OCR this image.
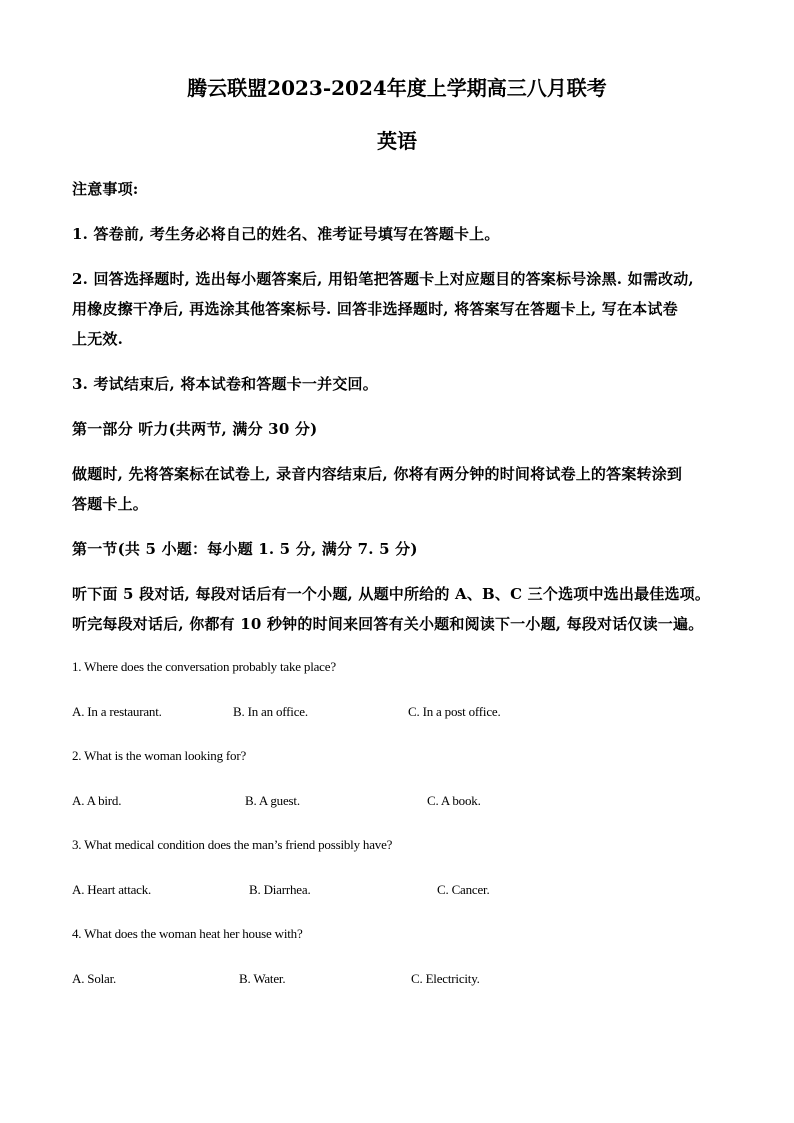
腾云联盟2023-2024年度上学期高三八月联考
英语
注意事项:
1. 答卷前, 考生务必将自己的姓名、准考证号填写在答题卡上。
2. 回答选择题时, 选出每小题答案后, 用铅笔把答题卡上对应题目的答案标号涂黑. 如需改动,
用橡皮擦干净后, 再选涂其他答案标号. 回答非选择题时, 将答案写在答题卡上, 写在本试卷
上无效.
3. 考试结束后, 将本试卷和答题卡一并交回。
第一部分 听力(共两节, 满分 30 分)
做题时, 先将答案标在试卷上, 录音内容结束后, 你将有两分钟的时间将试卷上的答案转涂到
答题卡上。
第一节(共 5 小题：每小题 1. 5 分, 满分 7. 5 分)
听下面 5 段对话, 每段对话后有一个小题, 从题中所给的 A、B、C 三个选项中选出最佳选项。
听完每段对话后, 你都有 10 秒钟的时间来回答有关小题和阅读下一小题, 每段对话仅读一遍。
1. Where does the conversation probably take place?
A. In a restaurant.	B. In an office.	C. In a post office.
2. What is the woman looking for?
A. A bird.	B. A guest.	C. A book.
3. What medical condition does the man’s friend possibly have?
A. Heart attack.	B. Diarrhea.	C. Cancer.
4. What does the woman heat her house with?
A. Solar.	B. Water.	C. Electricity.
